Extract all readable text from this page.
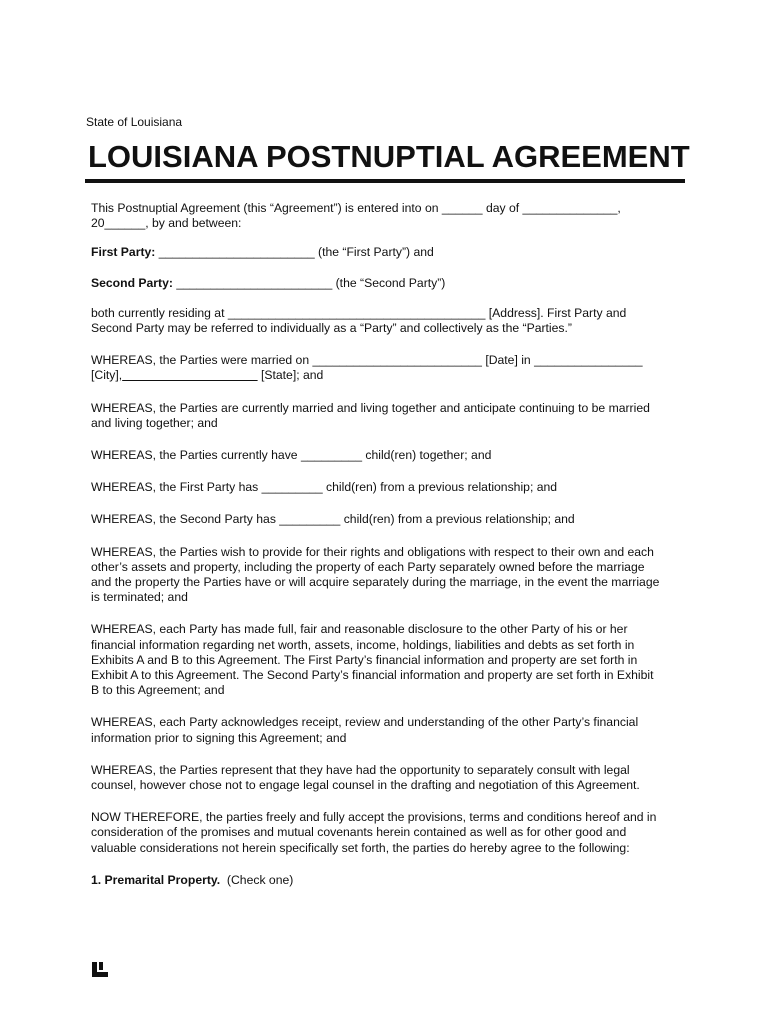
State of Louisiana
LOUISIANA POSTNUPTIAL AGREEMENT
This Postnuptial Agreement (this “Agreement”) is entered into on ______ day of ______________,
20______, by and between:
First Party: _______________________ (the “First Party”) and
Second Party: _______________________ (the “Second Party”)
both currently residing at ______________________________________ [Address]. First Party and
Second Party may be referred to individually as a “Party” and collectively as the “Parties.”
WHEREAS, the Parties were married on _________________________ [Date] in ________________
[City],	[State]; and
WHEREAS, the Parties are currently married and living together and anticipate continuing to be married
and living together; and
WHEREAS, the Parties currently have _________ child(ren) together; and
WHEREAS, the First Party has _________ child(ren) from a previous relationship; and
WHEREAS, the Second Party has _________ child(ren) from a previous relationship; and
WHEREAS, the Parties wish to provide for their rights and obligations with respect to their own and each
other’s assets and property, including the property of each Party separately owned before the marriage
and the property the Parties have or will acquire separately during the marriage, in the event the marriage
is terminated; and
WHEREAS, each Party has made full, fair and reasonable disclosure to the other Party of his or her
financial information regarding net worth, assets, income, holdings, liabilities and debts as set forth in
Exhibits A and B to this Agreement. The First Party’s financial information and property are set forth in
Exhibit A to this Agreement. The Second Party’s financial information and property are set forth in Exhibit
B to this Agreement; and
WHEREAS, each Party acknowledges receipt, review and understanding of the other Party’s financial
information prior to signing this Agreement; and
WHEREAS, the Parties represent that they have had the opportunity to separately consult with legal
counsel, however chose not to engage legal counsel in the drafting and negotiation of this Agreement.
NOW THEREFORE, the parties freely and fully accept the provisions, terms and conditions hereof and in
consideration of the promises and mutual covenants herein contained as well as for other good and
valuable considerations not herein specifically set forth, the parties do hereby agree to the following:
1. Premarital Property.  (Check one)
